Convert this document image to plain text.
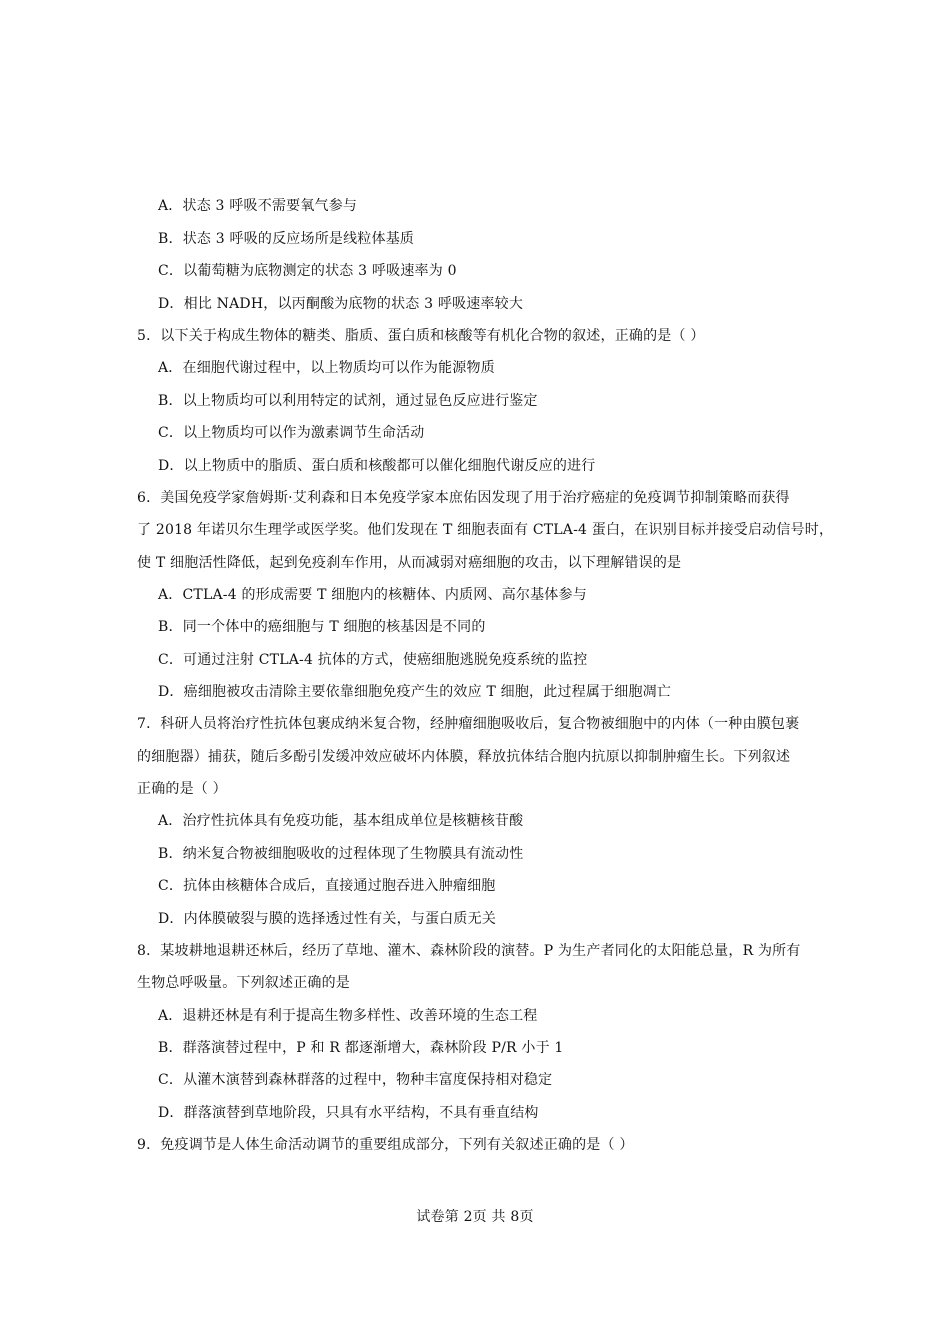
A．状态 3 呼吸不需要氧气参与
B．状态 3 呼吸的反应场所是线粒体基质
C．以葡萄糖为底物测定的状态 3 呼吸速率为 0
D．相比 NADH，以丙酮酸为底物的状态 3 呼吸速率较大
5．以下关于构成生物体的糖类、脂质、蛋白质和核酸等有机化合物的叙述，正确的是（ ）
A．在细胞代谢过程中，以上物质均可以作为能源物质
B．以上物质均可以利用特定的试剂，通过显色反应进行鉴定
C．以上物质均可以作为激素调节生命活动
D．以上物质中的脂质、蛋白质和核酸都可以催化细胞代谢反应的进行
6．美国免疫学家詹姆斯·艾利森和日本免疫学家本庶佑因发现了用于治疗癌症的免疫调节抑制策略而获得
了 2018 年诺贝尔生理学或医学奖。他们发现在 T 细胞表面有 CTLA-4 蛋白，在识别目标并接受启动信号时，
使 T 细胞活性降低，起到免疫刹车作用，从而减弱对癌细胞的攻击，以下理解错误的是
A．CTLA-4 的形成需要 T 细胞内的核糖体、内质网、高尔基体参与
B．同一个体中的癌细胞与 T 细胞的核基因是不同的
C．可通过注射 CTLA-4 抗体的方式，使癌细胞逃脱免疫系统的监控
D．癌细胞被攻击清除主要依靠细胞免疫产生的效应 T 细胞，此过程属于细胞凋亡
7．科研人员将治疗性抗体包裹成纳米复合物，经肿瘤细胞吸收后，复合物被细胞中的内体（一种由膜包裹
的细胞器）捕获，随后多酚引发缓冲效应破坏内体膜，释放抗体结合胞内抗原以抑制肿瘤生长。下列叙述
正确的是（ ）
A．治疗性抗体具有免疫功能，基本组成单位是核糖核苷酸
B．纳米复合物被细胞吸收的过程体现了生物膜具有流动性
C．抗体由核糖体合成后，直接通过胞吞进入肿瘤细胞
D．内体膜破裂与膜的选择透过性有关，与蛋白质无关
8．某坡耕地退耕还林后，经历了草地、灌木、森林阶段的演替。P 为生产者同化的太阳能总量，R 为所有
生物总呼吸量。下列叙述正确的是
A．退耕还林是有利于提高生物多样性、改善环境的生态工程
B．群落演替过程中，P 和 R 都逐渐增大，森林阶段 P/R 小于 1
C．从灌木演替到森林群落的过程中，物种丰富度保持相对稳定
D．群落演替到草地阶段，只具有水平结构，不具有垂直结构
9．免疫调节是人体生命活动调节的重要组成部分，下列有关叙述正确的是（ ）
试卷第 2页 共 8页
